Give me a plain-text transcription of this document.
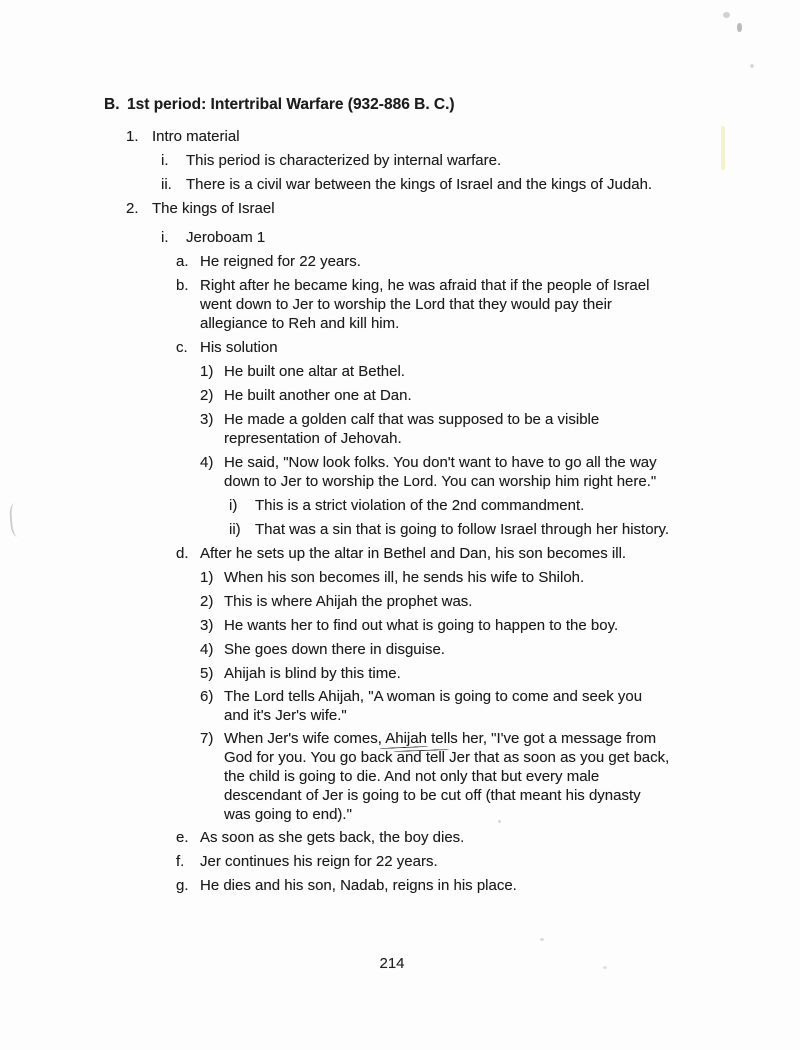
B. 1st period: Intertribal Warfare (932-886 B. C.)
1. Intro material
i.	This period is characterized by internal warfare.
ii. There is a civil war between the kings of Israel and the kings of Judah.
2. The kings of Israel
i.	Jeroboam 1
a. He reigned for 22 years.
b. Right after he became king, he was afraid that if the people of Israel
went down to Jer to worship the Lord that they would pay their
allegiance to Reh and kill him.
c. His solution
1) He built one altar at Bethel.
2) He built another one at Dan.
3) He made a golden calf that was supposed to be a visible
representation of Jehovah.
4) He said, "Now look folks. You don't want to have to go all the way
down to Jer to worship the Lord. You can worship him right here."
i)	This is a strict violation of the 2nd commandment.
ii) That was a sin that is going to follow Israel through her history.
d. After he sets up the altar in Bethel and Dan, his son becomes ill.
1) When his son becomes ill, he sends his wife to Shiloh.
2) This is where Ahijah the prophet was.
3) He wants her to find out what is going to happen to the boy.
4) She goes down there in disguise.
5) Ahijah is blind by this time.
6) The Lord tells Ahijah, "A woman is going to come and seek you
and it's Jer's wife."
7) When Jer's wife comes, Ahijah tells her, "I've got a message from
God for you. You go back and tell Jer that as soon as you get back,
the child is going to die. And not only that but every male
descendant of Jer is going to be cut off (that meant his dynasty
was going to end)."
e. As soon as she gets back, the boy dies.
f.	Jer continues his reign for 22 years.
g. He dies and his son, Nadab, reigns in his place.
214
